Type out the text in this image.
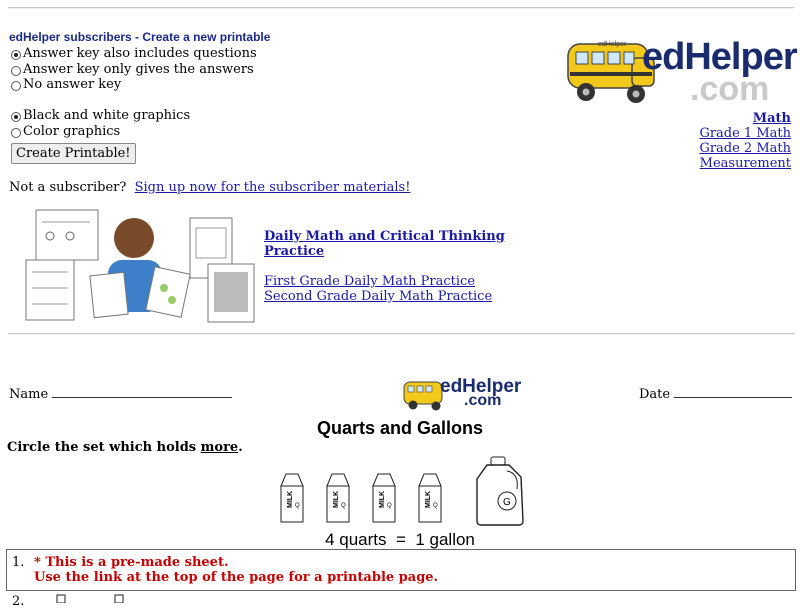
edHelper subscribers - Create a new printable
Answer key also includes questions
Answer key only gives the answers
No answer key
Black and white graphics
Color graphics
Create Printable!
Not a subscriber? Sign up now for the subscriber materials!
edHelper edHelper
.com
Math
Grade 1 Math
Grade 2 Math
Measurement
Daily Math and Critical Thinking
Practice
First Grade Daily Math Practice
Second Grade Daily Math Practice
Name	edHelper
.com	Date
Quarts and Gallons
Circle the set which holds more.
MILK Q	MILK Q	MILK Q	MILK Q	G
4 quarts  =  1 gallon
1. * This is a pre-made sheet.
Use the link at the top of the page for a printable page.
2.
